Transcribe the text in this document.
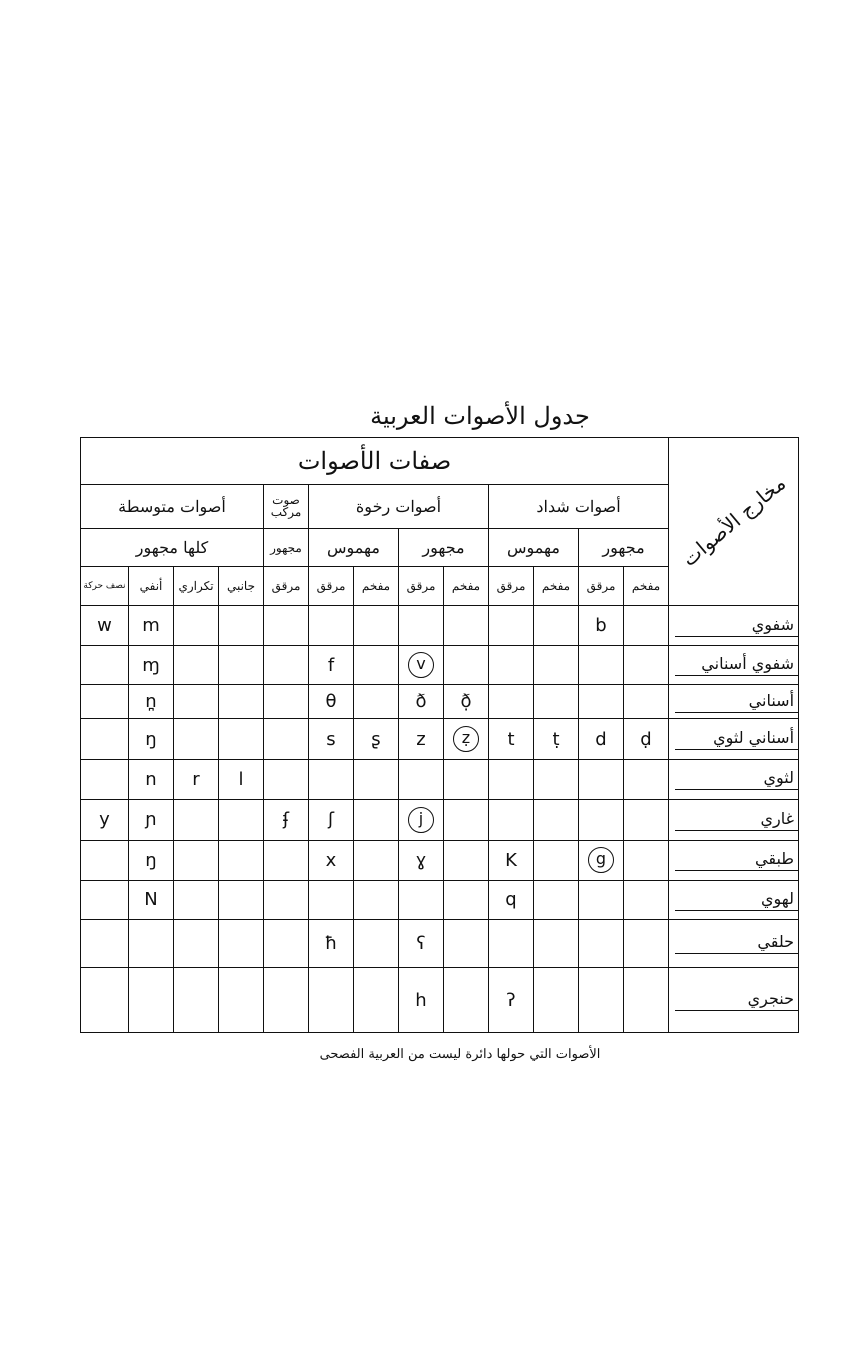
جدول الأصوات العربية
صفات الأصوات													مخارج الأصوات
أصوات متوسطة				صوت مركب	أصوات رخوة				أصوات شداد				
كلها مجهور				مجهور	مهموس		مجهور		مهموس		مجهور		
نصف حركة	أنفي	تكراري	جانبي	مرقق	مرقق	مفخم	مرقق	مفخم	مرقق	مفخم	مرقق	مفخم	
w	m										b		شفوي

	ɱ				f		v						شفوي أسناني

	n̪				θ		ð	ð̣					أسناني

	ŋ				s	ʂ	z	ẓ	t	ṭ	d	ḍ	أسناني لثوي

	n	r	l										لثوي

y	ɲ			ʄ	ʃ		j						غاري

	ŋ				x		ɣ		K		g		طبقي

	N								q				لهوي

					ħ		ʕ						حلقي

							h		ʔ				حنجري
الأصوات التي حولها دائرة ليست من العربية الفصحى
